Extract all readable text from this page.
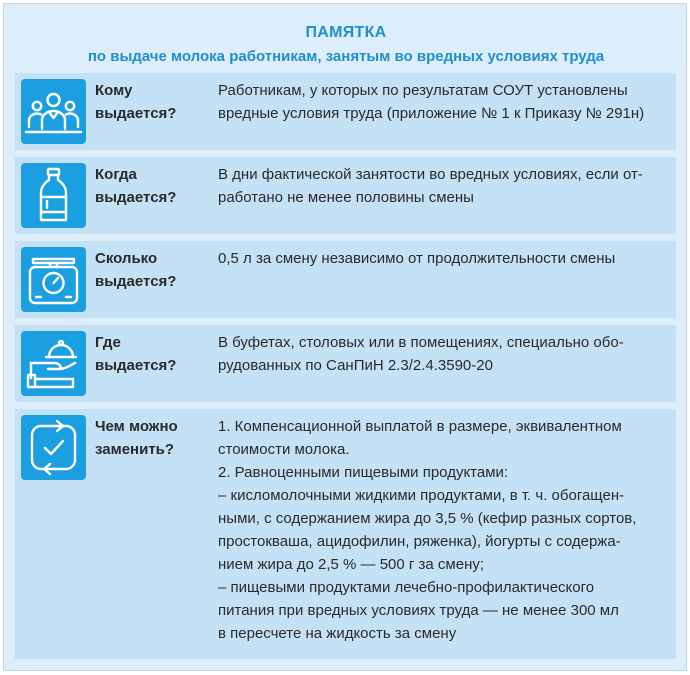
ПАМЯТКА
по выдаче молока работникам, занятым во вредных условиях труда
Кому
выдается?
Работникам, у которых по результатам СОУТ установлены
вредные условия труда (приложение № 1 к Приказу № 291н)
Когда
выдается?
В дни фактической занятости во вредных условиях, если от-
работано не менее половины смены
Сколько
выдается?
0,5 л за смену независимо от продолжительности смены
Где
выдается?
В буфетах, столовых или в помещениях, специально обо-
рудованных по СанПиН 2.3/2.4.3590-20
Чем можно
заменить?
1. Компенсационной выплатой в размере, эквивалентном
стоимости молока.
2. Равноценными пищевыми продуктами:
– кисломолочными жидкими продуктами, в т. ч. обогащен-
ными, с содержанием жира до 3,5 % (кефир разных сортов,
простокваша, ацидофилин, ряженка), йогурты с содержа-
нием жира до 2,5 % — 500 г за смену;
– пищевыми продуктами лечебно-профилактического
питания при вредных условиях труда — не менее 300 мл
в пересчете на жидкость за смену
